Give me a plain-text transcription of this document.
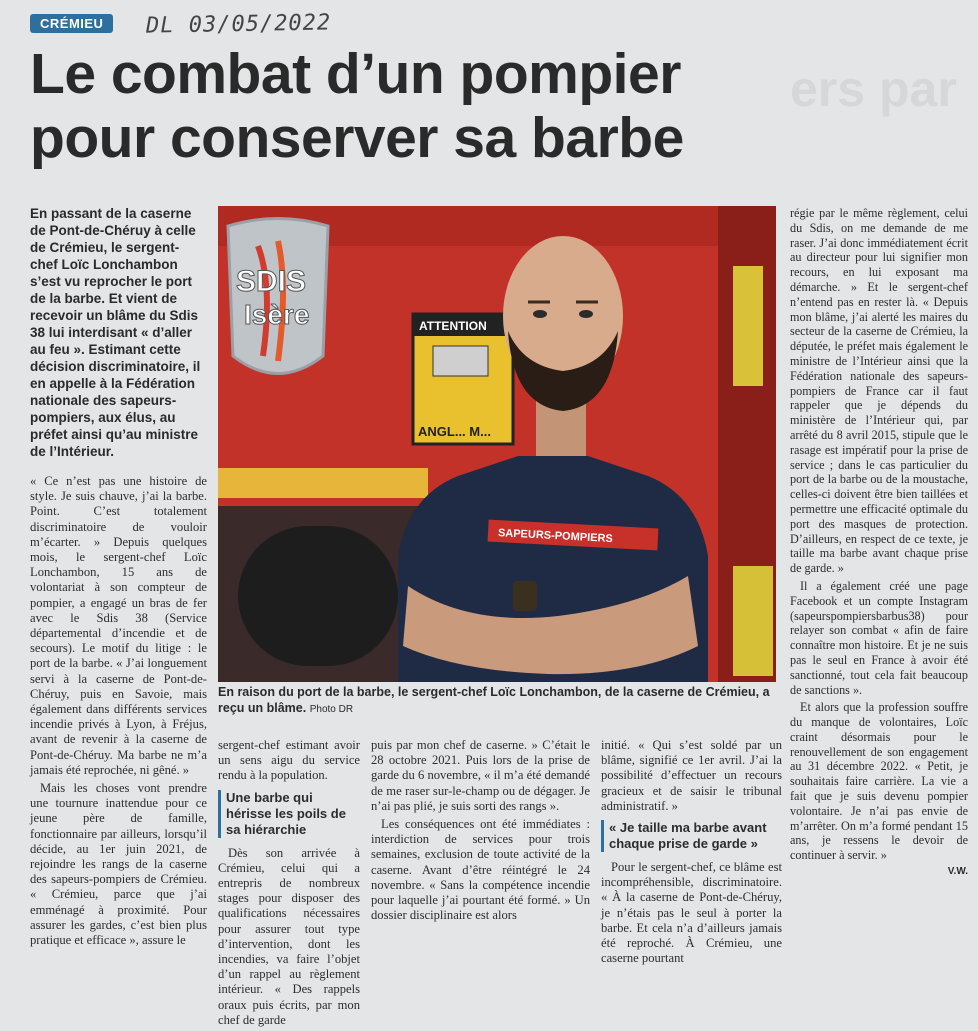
CRÉMIEU	DL 03/05/2022
ers par
Le combat d’un pompier pour conserver sa barbe
En passant de la caserne de Pont-de-Chéruy à celle de Crémieu, le sergent-chef Loïc Lonchambon s’est vu reprocher le port de la barbe. Et vient de recevoir un blâme du Sdis 38 lui interdisant « d’aller au feu ». Estimant cette décision discriminatoire, il en appelle à la Fédération nationale des sapeurs-pompiers, aux élus, au préfet ainsi qu’au ministre de l’Intérieur.
SDIS
Isère	ATTENTION
ANGL... M...
SAPEURS-POMPIERS
En raison du port de la barbe, le sergent-chef Loïc Lonchambon, de la caserne de Crémieu, a reçu un blâme. Photo DR

« Ce n’est pas une histoire de style. Je suis chauve, j’ai la barbe. Point. C’est totalement discriminatoire de vouloir m’écarter. » Depuis quelques mois, le sergent-chef Loïc Lonchambon, 15 ans de volontariat à son compteur de pompier, a engagé un bras de fer avec le Sdis 38 (Service départemental d’incendie et de secours). Le motif du litige : le port de la barbe. « J’ai longuement servi à la caserne de Pont-de-Chéruy, puis en Savoie, mais également dans différents services incendie privés à Lyon, à Fréjus, avant de revenir à la caserne de Pont-de-Chéruy. Ma barbe ne m’a jamais été reprochée, ni gêné. »

Mais les choses vont prendre une tournure inattendue pour ce jeune père de famille, fonctionnaire par ailleurs, lorsqu’il décide, au 1er juin 2021, de rejoindre les rangs de la caserne des sapeurs-pompiers de Crémieu. « Crémieu, parce que j’ai emménagé à proximité. Pour assurer les gardes, c’est bien plus pratique et efficace », assure le

sergent-chef estimant avoir un sens aigu du service rendu à la population.

Une barbe qui hérisse les poils de sa hiérarchie

Dès son arrivée à Crémieu, celui qui a entrepris de nombreux stages pour disposer des qualifications nécessaires pour assurer tout type d’intervention, dont les incendies, va faire l’objet d’un rappel au règlement intérieur. « Des rappels oraux puis écrits, par mon chef de garde

puis par mon chef de caserne. » C’était le 28 octobre 2021. Puis lors de la prise de garde du 6 novembre, « il m’a été demandé de me raser sur-le-champ ou de dégager. Je n’ai pas plié, je suis sorti des rangs ».

Les conséquences ont été immédiates : interdiction de services pour trois semaines, exclusion de toute activité de la caserne. Avant d’être réintégré le 24 novembre. « Sans la compétence incendie pour laquelle j’ai pourtant été formé. » Un dossier disciplinaire est alors

initié. « Qui s’est soldé par un blâme, signifié ce 1er avril. J’ai la possibilité d’effectuer un recours gracieux et de saisir le tribunal administratif. »

« Je taille ma barbe avant chaque prise de garde »

Pour le sergent-chef, ce blâme est incompréhensible, discriminatoire. « À la caserne de Pont-de-Chéruy, je n’étais pas le seul à porter la barbe. Et cela n’a d’ailleurs jamais été reproché. À Crémieu, une caserne pourtant

régie par le même règlement, celui du Sdis, on me demande de me raser. J’ai donc immédiatement écrit au directeur pour lui signifier mon recours, en lui exposant ma démarche. » Et le sergent-chef n’entend pas en rester là. « Depuis mon blâme, j’ai alerté les maires du secteur de la caserne de Crémieu, la députée, le préfet mais également le ministre de l’Intérieur ainsi que la Fédération nationale des sapeurs-pompiers de France car il faut rappeler que je dépends du ministère de l’Intérieur qui, par arrêté du 8 avril 2015, stipule que le rasage est impératif pour la prise de service ; dans le cas particulier du port de la barbe ou de la moustache, celles-ci doivent être bien taillées et permettre une efficacité optimale du port des masques de protection. D’ailleurs, en respect de ce texte, je taille ma barbe avant chaque prise de garde. »

Il a également créé une page Facebook et un compte Instagram (sapeurspompiersbarbus38) pour relayer son combat « afin de faire connaître mon histoire. Et je ne suis pas le seul en France à avoir été sanctionné, tout cela fait beaucoup de sanctions ».

Et alors que la profession souffre du manque de volontaires, Loïc craint désormais pour le renouvellement de son engagement au 31 décembre 2022. « Petit, je souhaitais faire carrière. La vie a fait que je suis devenu pompier volontaire. Je n’ai pas envie de m’arrêter. On m’a formé pendant 15 ans, je ressens le devoir de continuer à servir. »

V.W.
